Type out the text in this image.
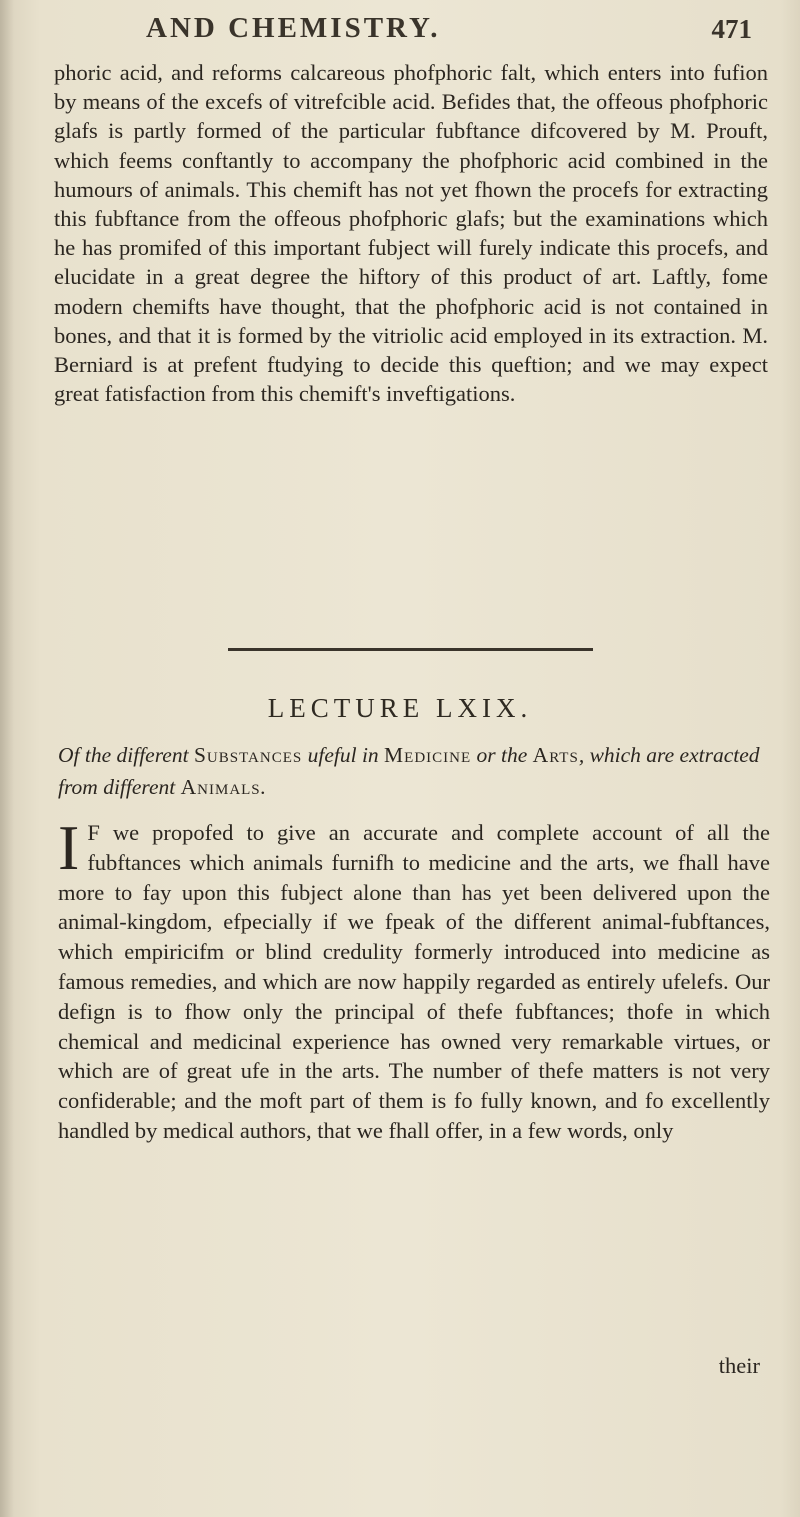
AND CHEMISTRY.	471

phoric acid, and reforms calcareous phofphoric falt, which enters into fufion by means of the excefs of vitrefcible acid. Befides that, the offeous phofphoric glafs is partly formed of the particular fubftance difcovered by M. Prouft, which feems conftantly to accompany the phofphoric acid combined in the humours of animals. This chemift has not yet fhown the procefs for extracting this fubftance from the offeous phofphoric glafs; but the examinations which he has promifed of this important fubject will furely indicate this procefs, and elucidate in a great degree the hiftory of this product of art. Laftly, fome modern chemifts have thought, that the phofphoric acid is not contained in bones, and that it is formed by the vitriolic acid employed in its extraction. M. Berniard is at prefent ftudying to decide this queftion; and we may expect great fatisfaction from this chemift's inveftigations.

LECTURE LXIX.
Of the different Substances ufeful in Medicine or the Arts, which are extracted from different Animals.

I F we propofed to give an accurate and complete account of all the fubftances which animals furnifh to medicine and the arts, we fhall have more to fay upon this fubject alone than has yet been delivered upon the animal-kingdom, efpecially if we fpeak of the different animal-fubftances, which empiricifm or blind credulity formerly introduced into medicine as famous remedies, and which are now happily regarded as entirely ufelefs. Our defign is to fhow only the principal of thefe fubftances; thofe in which chemical and medicinal experience has owned very remarkable virtues, or which are of great ufe in the arts. The number of thefe matters is not very confiderable; and the moft part of them is fo fully known, and fo excellently handled by medical authors, that we fhall offer, in a few words, only

their
